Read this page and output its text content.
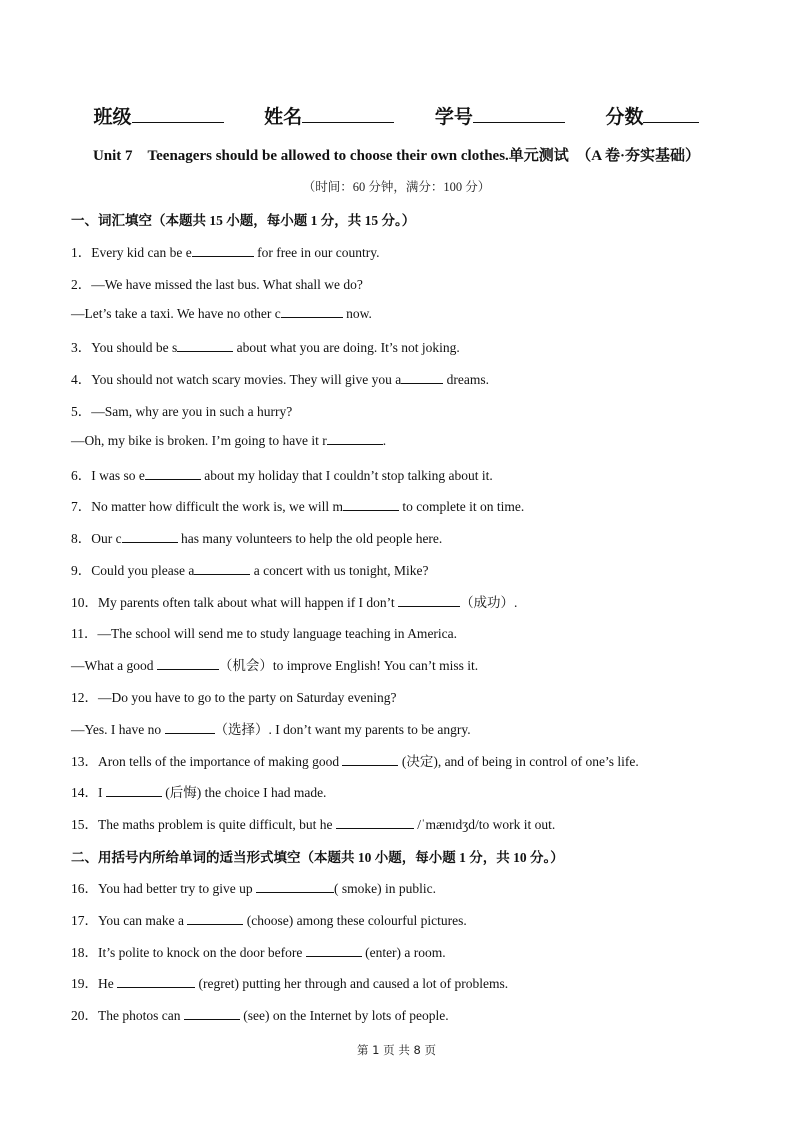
班级	姓名	学号	分数
Unit 7　Teenagers should be allowed to choose their own clothes.单元测试　（A 卷·夯实基础）
（时间：60 分钟，满分：100 分）
一、词汇填空（本题共 15 小题，每小题 1 分，共 15 分。）
二、用括号内所给单词的适当形式填空（本题共 10 小题，每小题 1 分，共 10 分。）
1．Every kid can be e	for free in our country.
2．—We have missed the last bus. What shall we do?
—Let’s take a taxi. We have no other c	now.
3．You should be s	about what you are doing. It’s not joking.
4．You should not watch scary movies. They will give you a	dreams.
5．—Sam, why are you in such a hurry?
—Oh, my bike is broken. I’m going to have it r	.
6．I was so e	about my holiday that I couldn’t stop talking about it.
7．No matter how difficult the work is, we will m	to complete it on time.
8．Our c	has many volunteers to help the old people here.
9．Could you please a	a concert with us tonight, Mike?
10．My parents often talk about what will happen if I don’t	（成功）.
11．—The school will send me to study language teaching in America.
—What a good	（机会）to improve English! You can’t miss it.
12．—Do you have to go to the party on Saturday evening?
—Yes. I have no	（选择）. I don’t want my parents to be angry.
13．Aron tells of the importance of making good	(决定), and of being in control of one’s life.
14．I	(后悔) the choice I had made.
15．The maths problem is quite difficult, but he	/ˈmænɪdʒd/to work it out.
16．You had better try to give up	( smoke) in public.
17．You can make a	(choose) among these colourful pictures.
18．It’s polite to knock on the door before	(enter) a room.
19．He	(regret) putting her through and caused a lot of problems.
20．The photos can	(see) on the Internet by lots of people.
第 1 页 共 8 页
